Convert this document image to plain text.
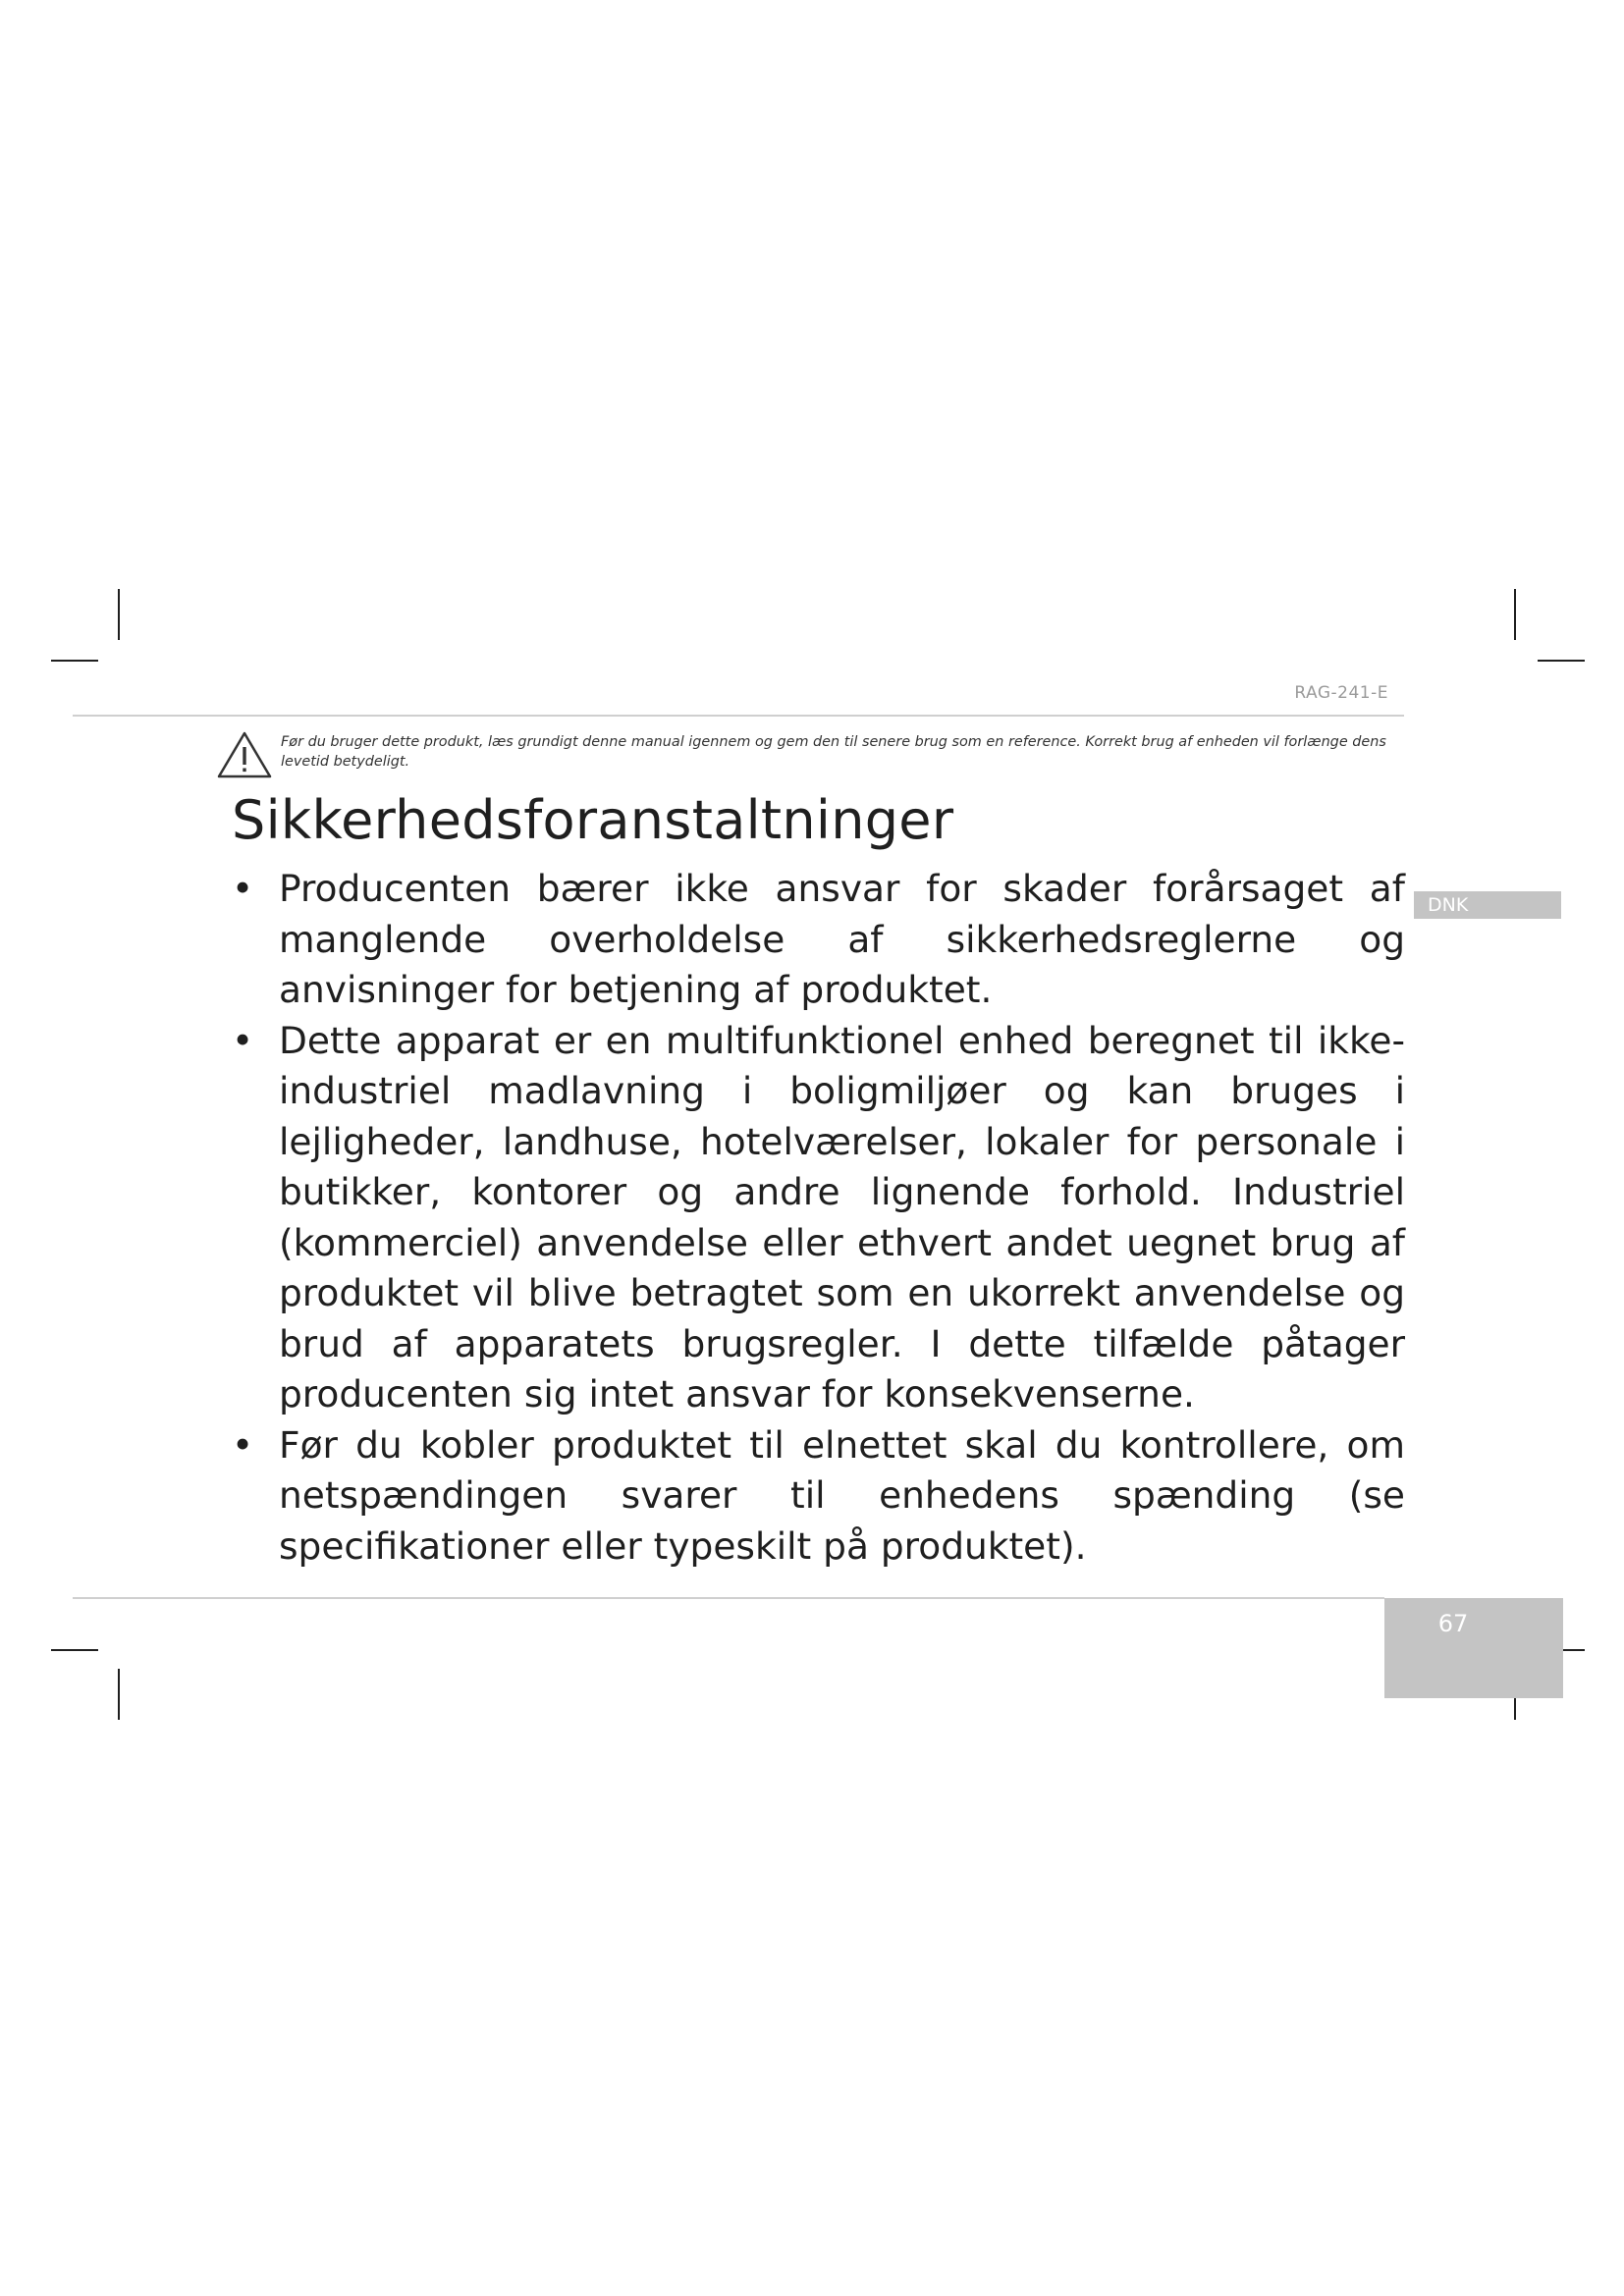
RAG-241-E
Før du bruger dette produkt, læs grundigt denne manual igennem og gem den til senere brug som en reference. Korrekt brug af enheden vil forlænge dens levetid betydeligt.
Sikkerhedsforanstaltninger
DNK
• Producenten bærer ikke ansvar for skader forårsaget af manglende overholdelse af sikkerhedsreglerne og anvisninger for betjening af produktet.
• Dette apparat er en multifunktionel enhed beregnet til ikke-industriel madlavning i boligmiljøer og kan bruges i lejligheder, landhuse, hotelværelser, lokaler for personale i butikker, kontorer og andre lignende forhold. Industriel (kommerciel) anvendelse eller ethvert andet uegnet brug af produktet vil blive betragtet som en ukorrekt anvendelse og brud af apparatets brugsregler. I dette tilfælde påtager producenten sig intet ansvar for konsekvenserne.
• Før du kobler produktet til elnettet skal du kontrollere, om netspændingen svarer til enhedens spænding (se specifikationer eller typeskilt på produktet).
67
